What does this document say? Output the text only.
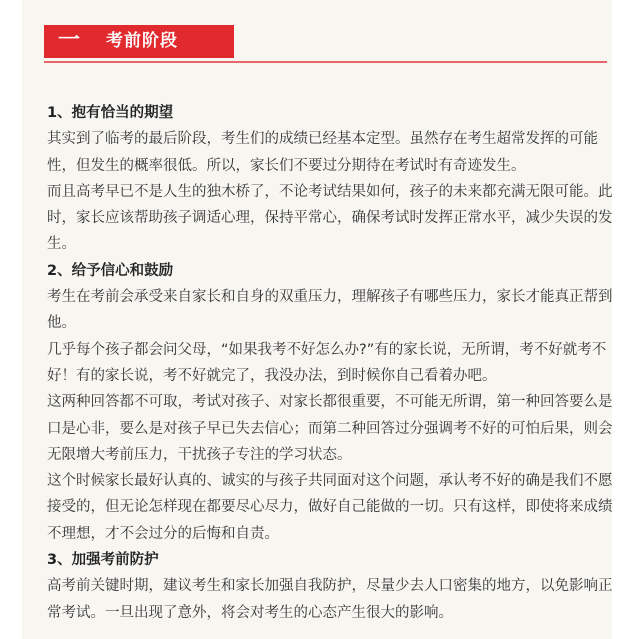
一	考前阶段

1、抱有恰当的期望

其实到了临考的最后阶段，考生们的成绩已经基本定型。虽然存在考生超常发挥的可能性，但发生的概率很低。所以，家长们不要过分期待在考试时有奇迹发生。

而且高考早已不是人生的独木桥了，不论考试结果如何，孩子的未来都充满无限可能。此时，家长应该帮助孩子调适心理，保持平常心，确保考试时发挥正常水平，减少失误的发生。

2、给予信心和鼓励

考生在考前会承受来自家长和自身的双重压力，理解孩子有哪些压力，家长才能真正帮到他。

几乎每个孩子都会问父母，“如果我考不好怎么办?”有的家长说，无所谓，考不好就考不好！有的家长说，考不好就完了，我没办法，到时候你自己看着办吧。

这两种回答都不可取，考试对孩子、对家长都很重要，不可能无所谓，第一种回答要么是口是心非，要么是对孩子早已失去信心；而第二种回答过分强调考不好的可怕后果，则会无限增大考前压力，干扰孩子专注的学习状态。

这个时候家长最好认真的、诚实的与孩子共同面对这个问题，承认考不好的确是我们不愿接受的，但无论怎样现在都要尽心尽力，做好自己能做的一切。只有这样，即使将来成绩不理想，才不会过分的后悔和自责。

3、加强考前防护

高考前关键时期，建议考生和家长加强自我防护，尽量少去人口密集的地方，以免影响正常考试。一旦出现了意外，将会对考生的心态产生很大的影响。
